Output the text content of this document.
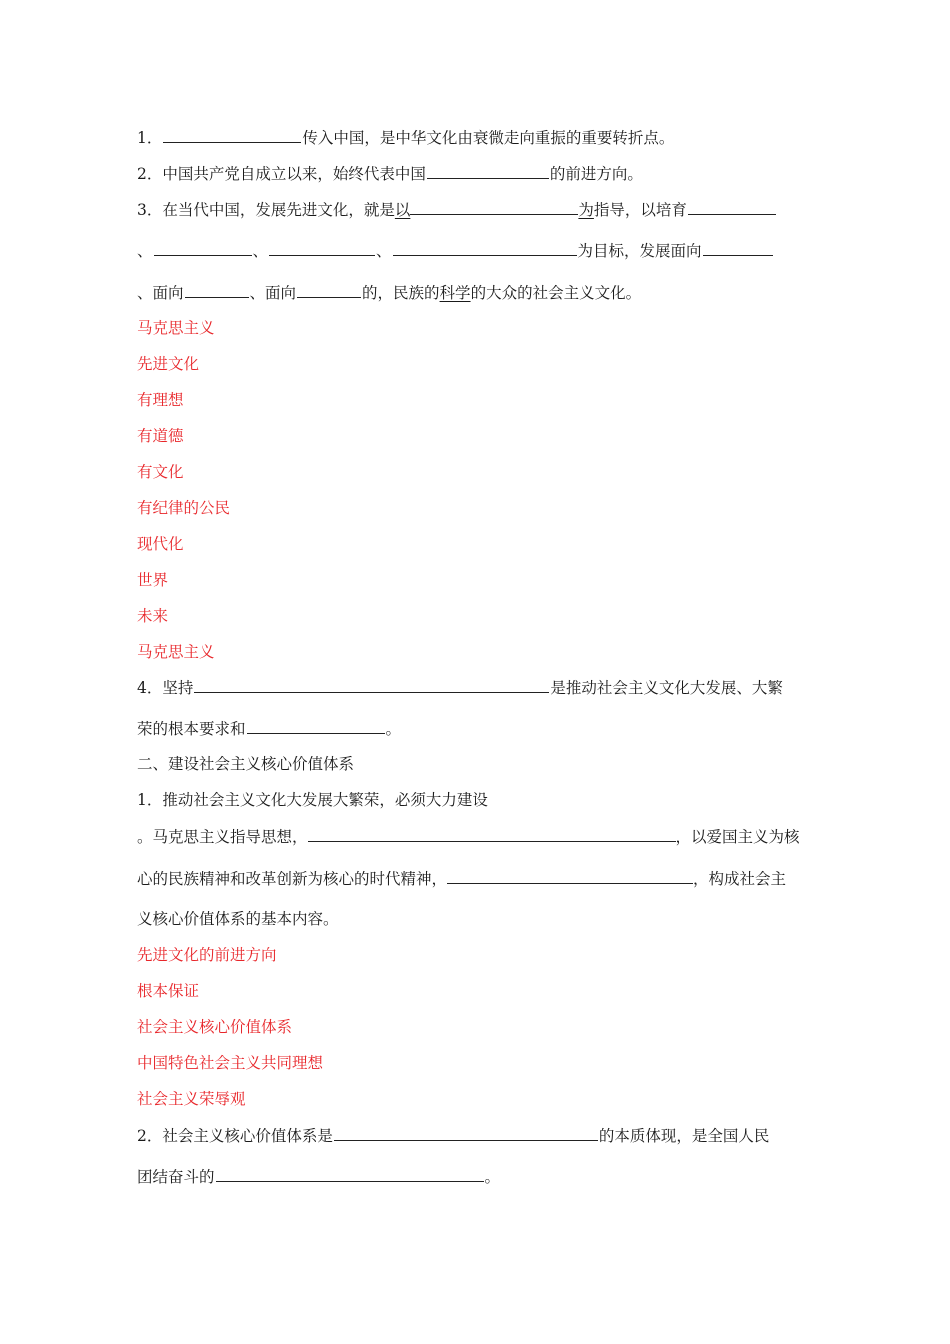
1．	传入中国，是中华文化由衰微走向重振的重要转折点。
2．中国共产党自成立以来，始终代表中国	的前进方向。
3．在当代中国，发展先进文化，就是以	为指导，以培育
、	、	、	为目标，发展面向
、面向	、面向	的，民族的科学的大众的社会主义文化。
马克思主义
先进文化
有理想
有道德
有文化
有纪律的公民
现代化
世界
未来
马克思主义
4．坚持	是推动社会主义文化大发展、大繁
荣的根本要求和	。
二、建设社会主义核心价值体系
1．推动社会主义文化大发展大繁荣，必须大力建设
。马克思主义指导思想，	，以爱国主义为核
心的民族精神和改革创新为核心的时代精神，	，构成社会主
义核心价值体系的基本内容。
先进文化的前进方向
根本保证
社会主义核心价值体系
中国特色社会主义共同理想
社会主义荣辱观
2．社会主义核心价值体系是	的本质体现，是全国人民
团结奋斗的	。
